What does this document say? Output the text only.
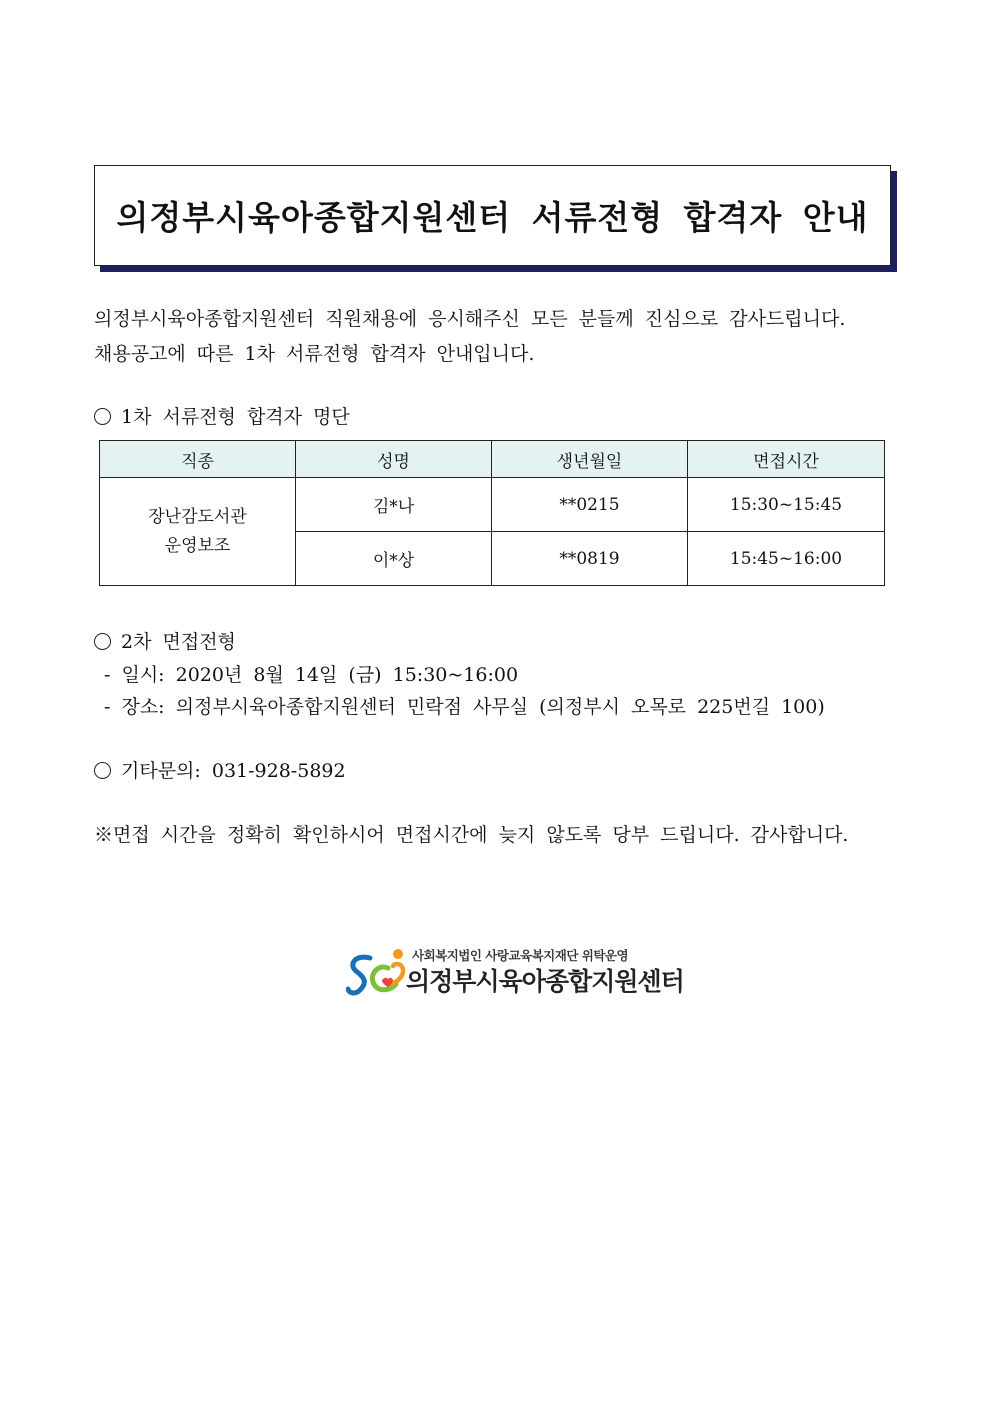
의정부시육아종합지원센터 서류전형 합격자 안내
의정부시육아종합지원센터 직원채용에 응시해주신 모든 분들께 진심으로 감사드립니다.
채용공고에 따른 1차 서류전형 합격자 안내입니다.
1차 서류전형 합격자 명단
직종	성명	생년월일	면접시간
장난감도서관
운영보조	김*나	**0215	15:30~15:45
	이*상	**0819	15:45~16:00
2차 면접전형
- 일시: 2020년 8월 14일 (금) 15:30~16:00
- 장소: 의정부시육아종합지원센터 민락점 사무실 (의정부시 오목로 225번길 100)
기타문의: 031-928-5892
※면접 시간을 정확히 확인하시어 면접시간에 늦지 않도록 당부 드립니다. 감사합니다.
사회복지법인 사랑교육복지재단 위탁운영
의정부시육아종합지원센터
